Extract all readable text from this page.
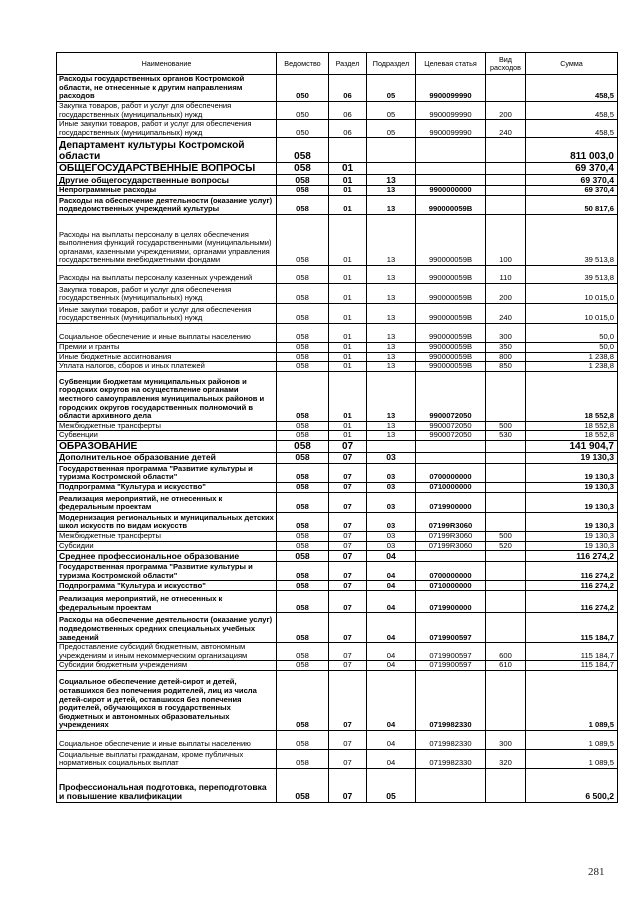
Наименование	Ведомство	Раздел	Подраздел	Целевая статья	Вид расходов	Сумма
Расходы государственных органов Костромской области, не отнесенные к другим направлениям расходов	050	06	05	9900099990		458,5
Закупка товаров, работ и услуг для обеспечения государственных (муниципальных) нужд	050	06	05	9900099990	200	458,5
Иные закупки товаров, работ и услуг для обеспечения государственных (муниципальных) нужд	050	06	05	9900099990	240	458,5
Департамент культуры Костромской области	058					811 003,0
ОБЩЕГОСУДАРСТВЕННЫЕ ВОПРОСЫ	058	01				69 370,4
Другие общегосударственные вопросы	058	01	13			69 370,4
Непрограммные расходы	058	01	13	9900000000		69 370,4
Расходы на обеспечение деятельности (оказание услуг) подведомственных учреждений культуры	058	01	13	990000059В		50 817,6
Расходы на выплаты персоналу в целях обеспечения выполнения функций государственными (муниципальными) органами, казенными учреждениями, органами управления государственными внебюджетными фондами	058	01	13	990000059В	100	39 513,8
Расходы на выплаты персоналу казенных учреждений	058	01	13	990000059В	110	39 513,8
Закупка товаров, работ и услуг для обеспечения государственных (муниципальных) нужд	058	01	13	990000059В	200	10 015,0
Иные закупки товаров, работ и услуг для обеспечения государственных (муниципальных) нужд	058	01	13	990000059В	240	10 015,0
Социальное обеспечение и иные выплаты населению	058	01	13	990000059В	300	50,0
Премии и гранты	058	01	13	990000059В	350	50,0
Иные бюджетные ассигнования	058	01	13	990000059В	800	1 238,8
Уплата налогов, сборов и иных платежей	058	01	13	990000059В	850	1 238,8
Субвенции бюджетам муниципальных районов и городских округов на осуществление органами местного самоуправления муниципальных районов и городских округов государственных полномочий в области архивного дела	058	01	13	9900072050		18 552,8
Межбюджетные трансферты	058	01	13	9900072050	500	18 552,8
Субвенции	058	01	13	9900072050	530	18 552,8
ОБРАЗОВАНИЕ	058	07				141 904,7
Дополнительное образование детей	058	07	03			19 130,3
Государственная программа "Развитие культуры и туризма Костромской области"	058	07	03	0700000000		19 130,3
Подпрограмма "Культура и искусство"	058	07	03	0710000000		19 130,3
Реализация мероприятий, не отнесенных к федеральным проектам	058	07	03	0719900000		19 130,3
Модернизация региональных и муниципальных детских школ искусств по видам искусств	058	07	03	07199R3060		19 130,3
Межбюджетные трансферты	058	07	03	07199R3060	500	19 130,3
Субсидии	058	07	03	07199R3060	520	19 130,3
Среднее профессиональное образование	058	07	04			116 274,2
Государственная программа "Развитие культуры и туризма Костромской области"	058	07	04	0700000000		116 274,2
Подпрограмма "Культура и искусство"	058	07	04	0710000000		116 274,2
Реализация мероприятий, не отнесенных к федеральным проектам	058	07	04	0719900000		116 274,2
Расходы на обеспечение деятельности (оказание услуг) подведомственных средних специальных учебных заведений	058	07	04	0719900597		115 184,7
Предоставление субсидий бюджетным, автономным учреждениям и иным некоммерческим организациям	058	07	04	0719900597	600	115 184,7
Субсидии бюджетным учреждениям	058	07	04	0719900597	610	115 184,7
Социальное обеспечение детей-сирот и детей, оставшихся без попечения родителей, лиц из числа детей-сирот и детей, оставшихся без попечения родителей, обучающихся в государственных бюджетных и автономных образовательных учреждениях	058	07	04	0719982330		1 089,5
Социальное обеспечение и иные выплаты населению	058	07	04	0719982330	300	1 089,5
Социальные выплаты гражданам, кроме публичных нормативных социальных выплат	058	07	04	0719982330	320	1 089,5
Профессиональная подготовка, переподготовка и повышение квалификации	058	07	05			6 500,2
281
